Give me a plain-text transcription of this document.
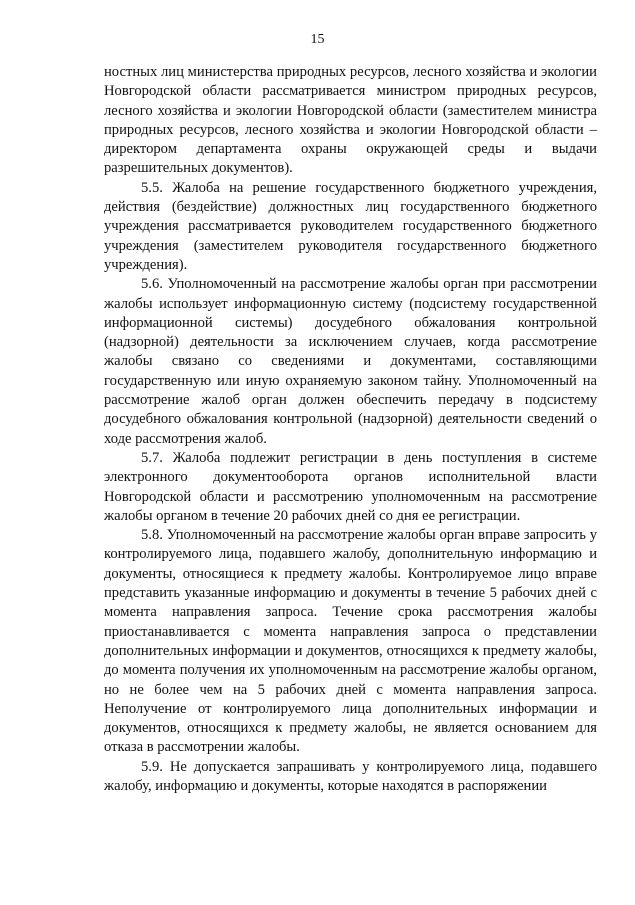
15

ностных лиц министерства природных ресурсов, лесного хозяйства и экологии Новгородской области рассматривается министром природных ресурсов, лесного хозяйства и экологии Новгородской области (заместителем министра природных ресурсов, лесного хозяйства и экологии Новгородской области – директором департамента охраны окружающей среды и выдачи разрешительных документов).

5.5. Жалоба на решение государственного бюджетного учреждения, действия (бездействие) должностных лиц государственного бюджетного учреждения рассматривается руководителем государственного бюджетного учреждения (заместителем руководителя государственного бюджетного учреждения).

5.6. Уполномоченный на рассмотрение жалобы орган при рассмотрении жалобы использует информационную систему (подсистему государственной информационной системы) досудебного обжалования контрольной (надзорной) деятельности за исключением случаев, когда рассмотрение жалобы связано со сведениями и документами, составляющими государственную или иную охраняемую законом тайну. Уполномоченный на рассмотрение жалоб орган должен обеспечить передачу в подсистему досудебного обжалования контрольной (надзорной) деятельности сведений о ходе рассмотрения жалоб.

5.7. Жалоба подлежит регистрации в день поступления в системе электронного документооборота органов исполнительной власти Новгородской области и рассмотрению уполномоченным на рассмотрение жалобы органом в течение 20 рабочих дней со дня ее регистрации.

5.8. Уполномоченный на рассмотрение жалобы орган вправе запросить у контролируемого лица, подавшего жалобу, дополнительную информацию и документы, относящиеся к предмету жалобы. Контролируемое лицо вправе представить указанные информацию и документы в течение 5 рабочих дней с момента направления запроса. Течение срока рассмотрения жалобы приостанавливается с момента направления запроса о представлении дополнительных информации и документов, относящихся к предмету жалобы, до момента получения их уполномоченным на рассмотрение жалобы органом, но не более чем на 5 рабочих дней с момента направления запроса. Неполучение от контролируемого лица дополнительных информации и документов, относящихся к предмету жалобы, не является основанием для отказа в рассмотрении жалобы.

5.9. Не допускается запрашивать у контролируемого лица, подавшего жалобу, информацию и документы, которые находятся в распоряжении
